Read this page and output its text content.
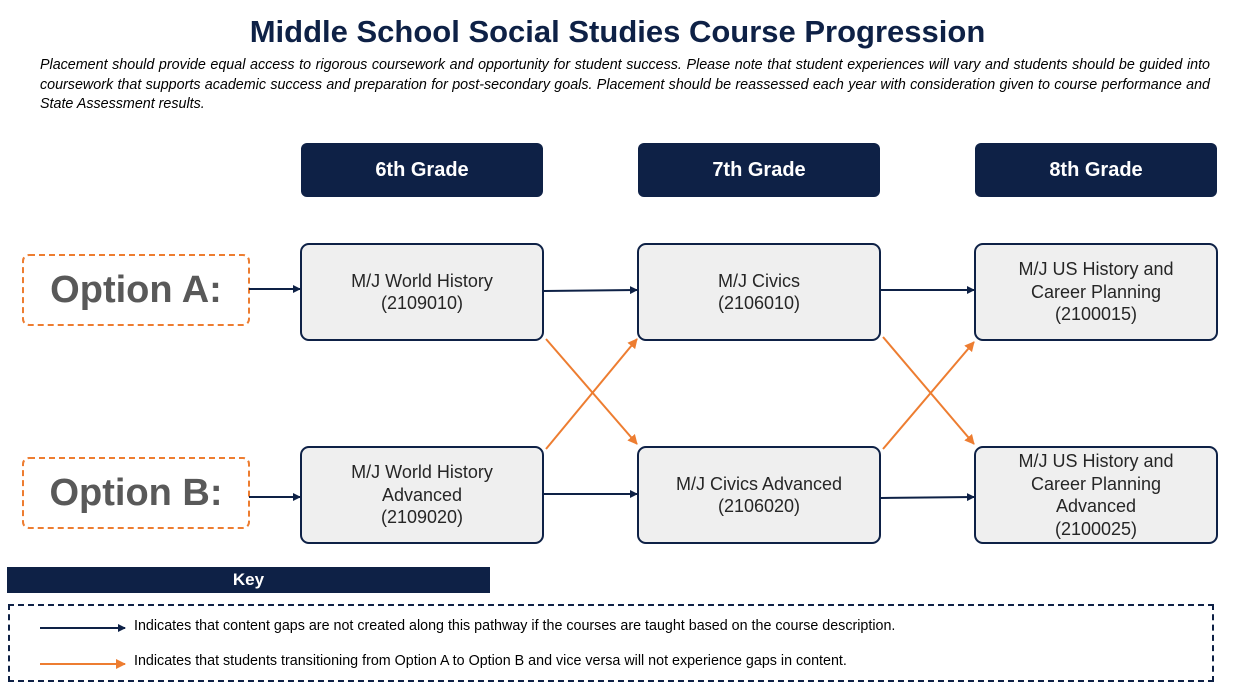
Middle School Social Studies Course Progression
Placement should provide equal access to rigorous coursework and opportunity for student success. Please note that student experiences will vary and students should be guided into coursework that supports academic success and preparation for post-secondary goals. Placement should be reassessed each year with consideration given to course performance and State Assessment results.
6th Grade	7th Grade	8th Grade
Option A:
Option B:
M/J World History
(2109010)
M/J Civics
(2106010)
M/J US History and
Career Planning
(2100015)
M/J World History
Advanced
(2109020)
M/J Civics Advanced
(2106020)
M/J US History and
Career Planning
Advanced
(2100025)
Key
Indicates that content gaps are not created along this pathway if the courses are taught based on the course description.
Indicates that students transitioning from Option A to Option B and vice versa will not experience gaps in content.
